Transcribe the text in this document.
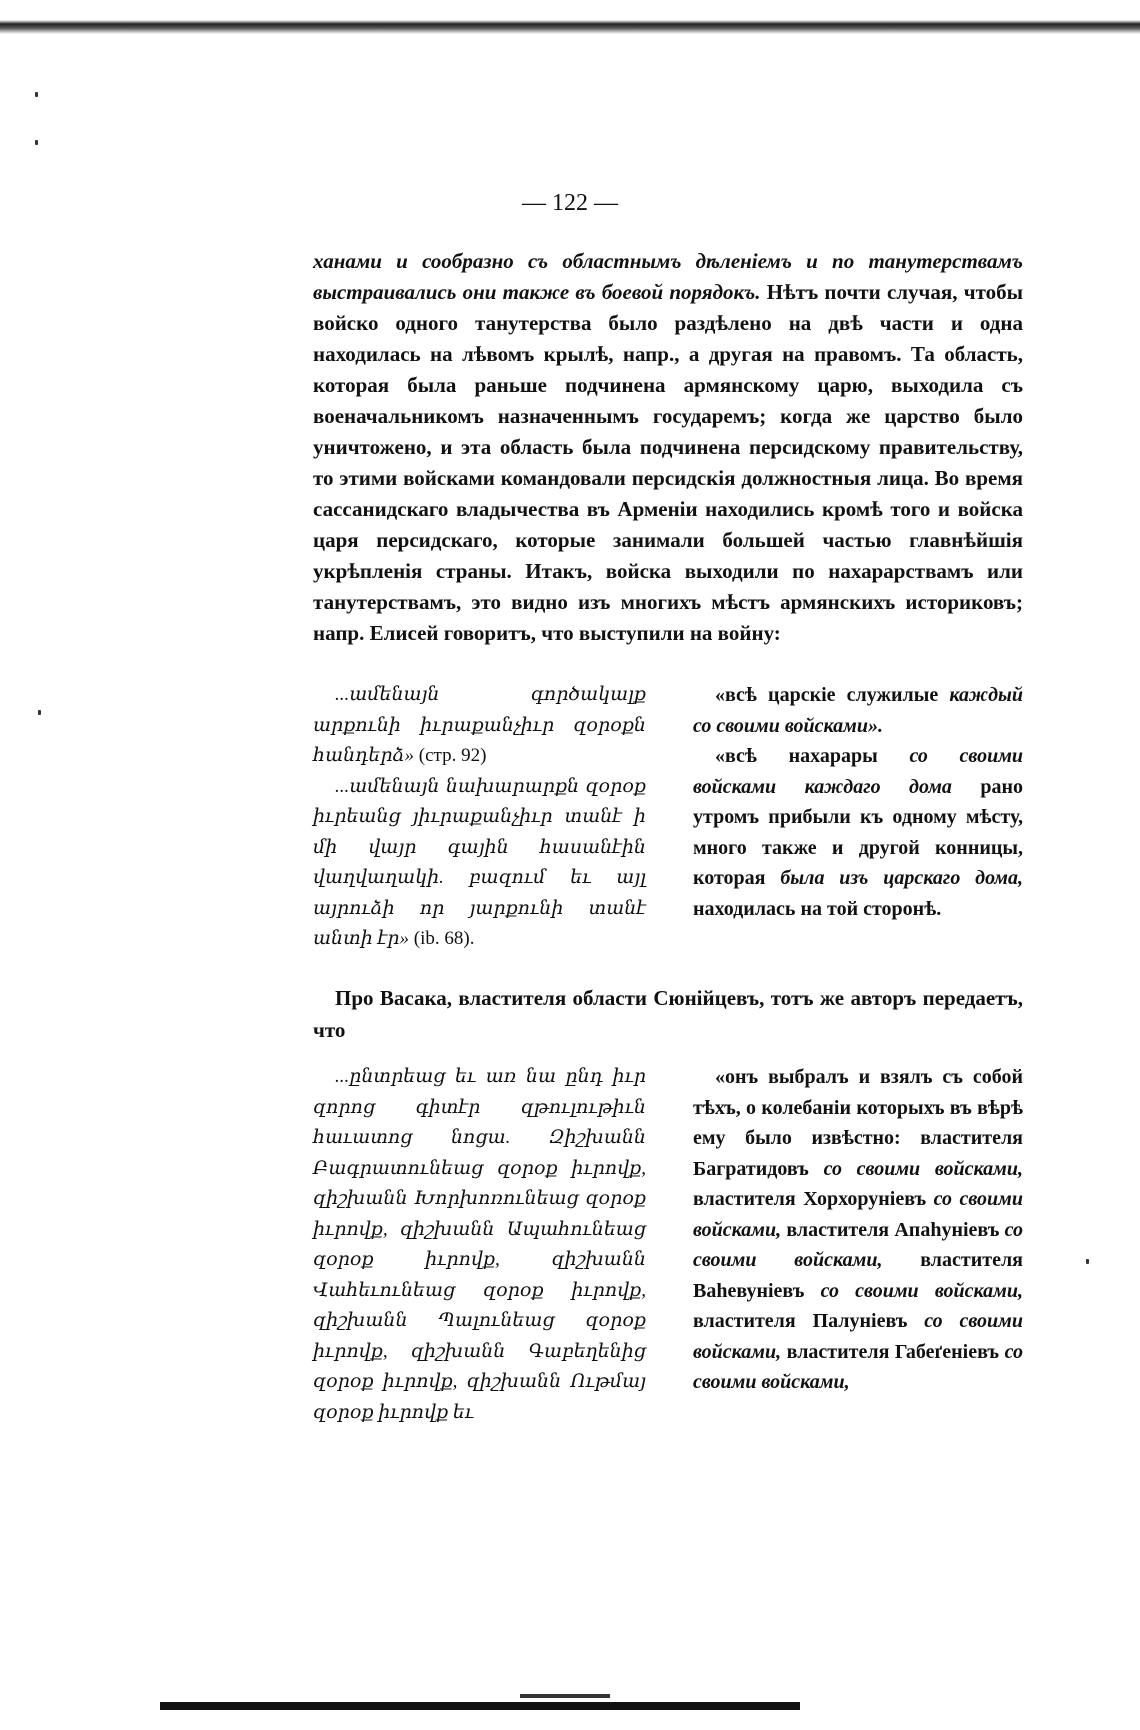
— 122 —
ханами и сообразно съ областнымъ дѣленіемъ и по танутерствамъ выстраивались они также въ боевой порядокъ. Нѣтъ почти случая, чтобы войско одного танутерства было раздѣлено на двѣ части и одна находилась на лѣвомъ крылѣ, напр., а другая на правомъ. Та область, которая была раньше подчинена армянскому царю, выходила съ военачальникомъ назначеннымъ государемъ; когда же царство было уничтожено, и эта область была подчинена персидскому правительству, то этими войсками командовали персидскія должностныя лица. Во время сассанидскаго владычества въ Арменіи находились кромѣ того и войска царя персидскаго, которые занимали большей частью главнѣйшія укрѣпленія страны. Итакъ, войска выходили по нахарарствамъ или танутерствамъ, это видно изъ многихъ мѣстъ армянскихъ историковъ; напр. Елисей говоритъ, что выступили на войну:

...ամենայն գործակալք արքունի իւրաքանչիւր զօրօքն հանդերձ» (стр. 92)

...ամենայն նախարարքն զօրօք իւրեանց յիւրաքանչիւր տանէ ի մի վայր գային հասանէին վաղվաղակի. բազում եւ այլ այրուձի որ յարքունի տանէ անտի էր» (ib. 68).

«всѣ царскіе служилые каждый со своими войсками».

«всѣ нахарары со своими войсками каждаго дома рано утромъ прибыли къ одному мѣсту, много также и другой конницы, которая была изъ царскаго дома, находилась на той сторонѣ.

Про Васака, властителя области Сюнійцевъ, тотъ же авторъ передаетъ, что

...ընտրեաց եւ առ նա ընդ իւր զորոց գիտէր զթուլութիւն հաւատոց նոցա. Զիշխանն Բագրատունեաց զօրօք իւրովք, զիշխանն Խորխոռունեաց զօրօք իւրովք, զիշխանն Ապահունեաց զօրօք իւրովք, զիշխանն Վահեւունեաց զօրօք իւրովք, զիշխանն Պալունեաց զօրօք իւրովք, զիշխանն Գաբեղենից զօրօք իւրովք, զիշխանն Ութմայ զօրօք իւրովք եւ

«онъ выбралъ и взялъ съ собой тѣхъ, о колебаніи которыхъ въ вѣрѣ ему было извѣстно: властителя Багратидовъ со своими войсками, властителя Хорхоруніевъ со своими войсками, властителя Апаһуніевъ со своими войсками, властителя Ваһевуніевъ со своими войсками, властителя Палуніевъ со своими войсками, властителя Габеґеніевъ со своими войсками,
